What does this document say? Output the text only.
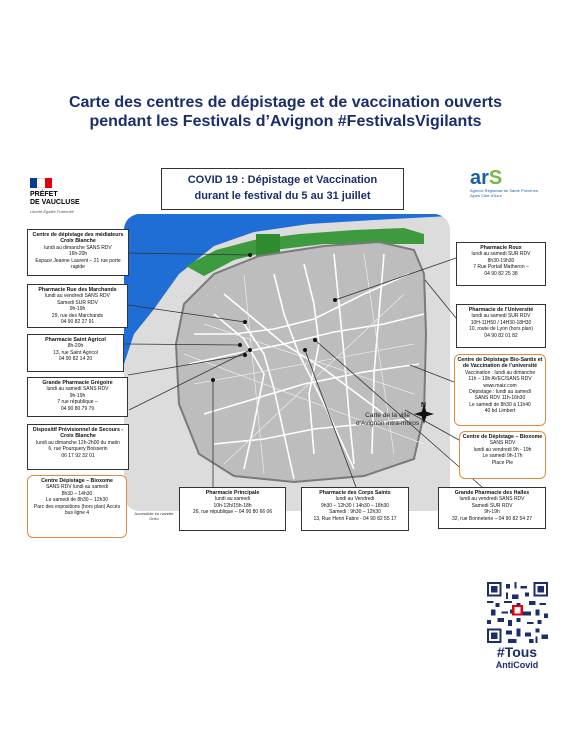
Carte des centres de dépistage et de vaccination ouverts
pendant les Festivals d’Avignon #FestivalsVigilants
PRÉFET
DE VAUCLUSE
Liberté Égalité Fraternité
COVID 19 : Dépistage et Vaccination
durant le festival du 5 au 31 juillet
arS
Agence Régionale de Santé Provence-Alpes Côte d’Azur
N
Carte de la ville
d’Avignon intra-muros
Centre de dépistage des médiateurs Croix Blanche
lundi au dimanche SANS RDV
16h-20h
Espace Jeanne Laurent – 21 rue porte rapide
Pharmacie Rue des Marchands
lundi au vendredi SANS RDV
Samedi SUR RDV
9h-19h
29, rue des Marchands
04 90 82 27 91
Pharmacie Saint Agricol
8h-20h
13, rue Saint Agricol
04 90 82 14 20
Grande Pharmacie Grégoire
lundi au samedi SANS RDV
9h-19h
7 rue république –
04 90 80 79 79
Dispositif Prévisionnel de Secours - Croix Blanche
lundi au dimanche 12h-2h00 du matin
6, rue Pourquery Boisserin
06 17 92 32 01
Centre Dépistage – Bioxome
SANS RDV lundi au samedi
8h30 – 14h30
Le samedi de 8h30 – 12h30
Parc des expositions (hors plan) Accès bus ligne 4	Accessible en navette Orizo
Pharmacie Principale
lundi au samedi
10h-12h/15h-18h
26, rue république – 04 90 80 66 06
Pharmacie des Corps Saints
lundi au Vendredi
9h30 – 12h30 / 14h30 – 18h30
Samedi : 9h30 – 12h30
13, Rue Henri Fabre - 04 90 82 55 17
Grande Pharmacie des Halles
lundi au vendredi SANS RDV
Samedi SUR RDV
9h-19h
32, rue Bonneterie – 04 90 82 54 27
Pharmacie Roux
lundi au samedi SUR RDV
8h30-19h30
7 Rue Portail Matheron –
04 90 82 25 38
Pharmacie de l’Université
lundi au samedi SUR RDV
10H-11H50 / 14H30-18H30
10, route de Lyon (hors plan)
04 90 82 01 82
Centre de Dépistage Bio-Santis et de Vaccination de l’université
Vaccination : lundi au dimanche
11h – 19h AVEC/SANS RDV
www.maiz.com
Dépistage : lundi au samedi
SANS RDV 11h-16h30
Le samedi de 8h30 à 11h40
40 bd Limbert
Centre de Dépistage – Bioxome
SANS RDV
lundi au vendredi 9h - 19h
Le samedi 9h-17h
Place Pie
#Tous
AntiCovid
